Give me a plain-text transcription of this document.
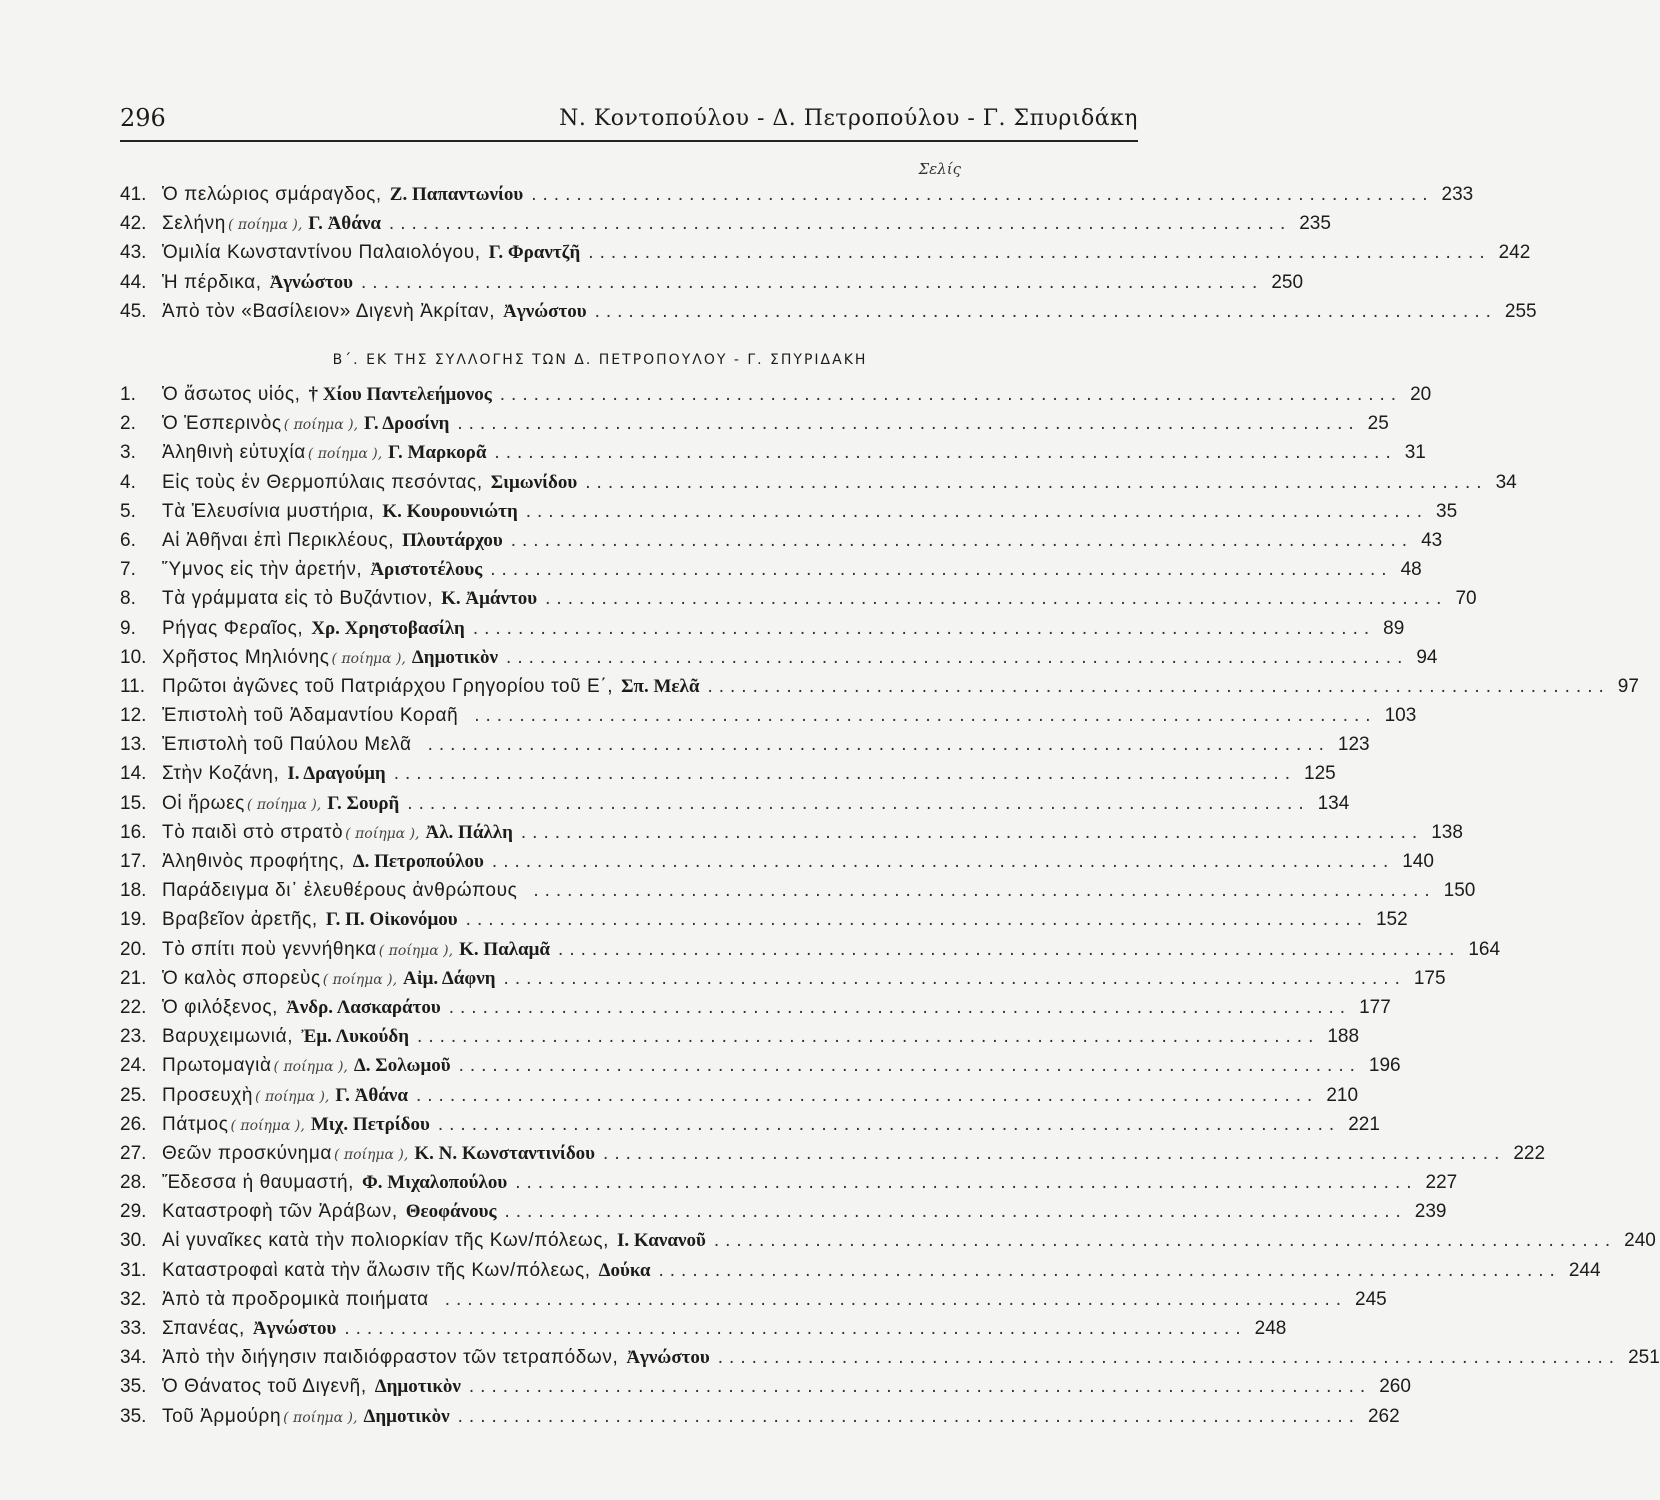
296	Ν. Κοντοπούλου - Δ. Πετροπούλου - Γ. Σπυριδάκη
Σελίς
41. Ὁ πελώριος σμάραγδος, Ζ. Παπαντωνίου ................................................................................ 233
42. Σελήνη ( ποίημα ), Γ. Ἀθάνα ................................................................................ 235
43. Ὁμιλία Κωνσταντίνου Παλαιολόγου, Γ. Φραντζῆ ................................................................................ 242
44. Ἡ πέρδικα, Ἀγνώστου ................................................................................ 250
45. Ἀπὸ τὸν «Βασίλειον» Διγενὴ Ἀκρίταν, Ἀγνώστου ................................................................................ 255
Β΄. ΕΚ ΤΗΣ ΣΥΛΛΟΓΗΣ ΤΩΝ Δ. ΠΕΤΡΟΠΟΥΛΟΥ - Γ. ΣΠΥΡΙΔΑΚΗ
1.	Ὁ ἄσωτος υἱός, † Χίου Παντελεήμονος ................................................................................ 20
2.	Ὁ Ἑσπερινὸς ( ποίημα ), Γ. Δροσίνη ................................................................................ 25
3.	Ἀληθινὴ εὐτυχία ( ποίημα ), Γ. Μαρκορᾶ ................................................................................ 31
4.	Εἰς τοὺς ἐν Θερμοπύλαις πεσόντας, Σιμωνίδου ................................................................................ 34
5.	Τὰ Ἐλευσίνια μυστήρια, Κ. Κουρουνιώτη ................................................................................ 35
6.	Αἱ Ἀθῆναι ἐπὶ Περικλέους, Πλουτάρχου ................................................................................ 43
7.	Ὕμνος εἰς τὴν ἀρετήν, Ἀριστοτέλους ................................................................................ 48
8.	Τὰ γράμματα εἰς τὸ Βυζάντιον, Κ. Ἀμάντου ................................................................................ 70
9.	Ρήγας Φεραῖος, Χρ. Χρηστοβασίλη ................................................................................ 89
10. Χρῆστος Μηλιόνης ( ποίημα ), Δημοτικὸν ................................................................................ 94
11. Πρῶτοι ἀγῶνες τοῦ Πατριάρχου Γρηγορίου τοῦ Ε΄, Σπ. Μελᾶ ................................................................................ 97
12. Ἐπιστολὴ τοῦ Ἀδαμαντίου Κοραῆ ................................................................................ 103
13. Ἐπιστολὴ τοῦ Παύλου Μελᾶ ................................................................................ 123
14. Στὴν Κοζάνη, Ι. Δραγούμη ................................................................................ 125
15. Οἱ ἥρωες ( ποίημα ), Γ. Σουρῆ ................................................................................ 134
16. Τὸ παιδὶ στὸ στρατὸ ( ποίημα ), Ἀλ. Πάλλη ................................................................................ 138
17. Ἀληθινὸς προφήτης, Δ. Πετροπούλου ................................................................................ 140
18. Παράδειγμα δι᾽ ἐλευθέρους ἀνθρώπους ................................................................................ 150
19. Βραβεῖον ἀρετῆς, Γ. Π. Οἰκονόμου ................................................................................ 152
20. Τὸ σπίτι ποὺ γεννήθηκα ( ποίημα ), Κ. Παλαμᾶ ................................................................................ 164
21. Ὁ καλὸς σπορεὺς ( ποίημα ), Αἰμ. Δάφνη ................................................................................ 175
22. Ὁ φιλόξενος, Ἀνδρ. Λασκαράτου ................................................................................ 177
23. Βαρυχειμωνιά, Ἐμ. Λυκούδη ................................................................................ 188
24. Πρωτομαγιὰ ( ποίημα ), Δ. Σολωμοῦ ................................................................................ 196
25. Προσευχὴ ( ποίημα ), Γ. Ἀθάνα ................................................................................ 210
26. Πάτμος ( ποίημα ), Μιχ. Πετρίδου ................................................................................ 221
27. Θεῶν προσκύνημα ( ποίημα ), Κ. Ν. Κωνσταντινίδου ................................................................................ 222
28. Ἔδεσσα ἡ θαυμαστή, Φ. Μιχαλοπούλου ................................................................................ 227
29. Καταστροφὴ τῶν Ἀράβων, Θεοφάνους ................................................................................ 239
30. Αἱ γυναῖκες κατὰ τὴν πολιορκίαν τῆς Κων/πόλεως, Ι. Κανανοῦ ................................................................................ 240
31. Καταστροφαὶ κατὰ τὴν ἅλωσιν τῆς Κων/πόλεως, Δούκα ................................................................................ 244
32. Ἀπὸ τὰ προδρομικὰ ποιήματα ................................................................................ 245
33. Σπανέας, Ἀγνώστου ................................................................................ 248
34. Ἀπὸ τὴν διήγησιν παιδιόφραστον τῶν τετραπόδων, Ἀγνώστου ................................................................................ 251
35. Ὁ Θάνατος τοῦ Διγενῆ, Δημοτικὸν ................................................................................ 260
35. Τοῦ Ἀρμούρη ( ποίημα ), Δημοτικὸν ................................................................................ 262
